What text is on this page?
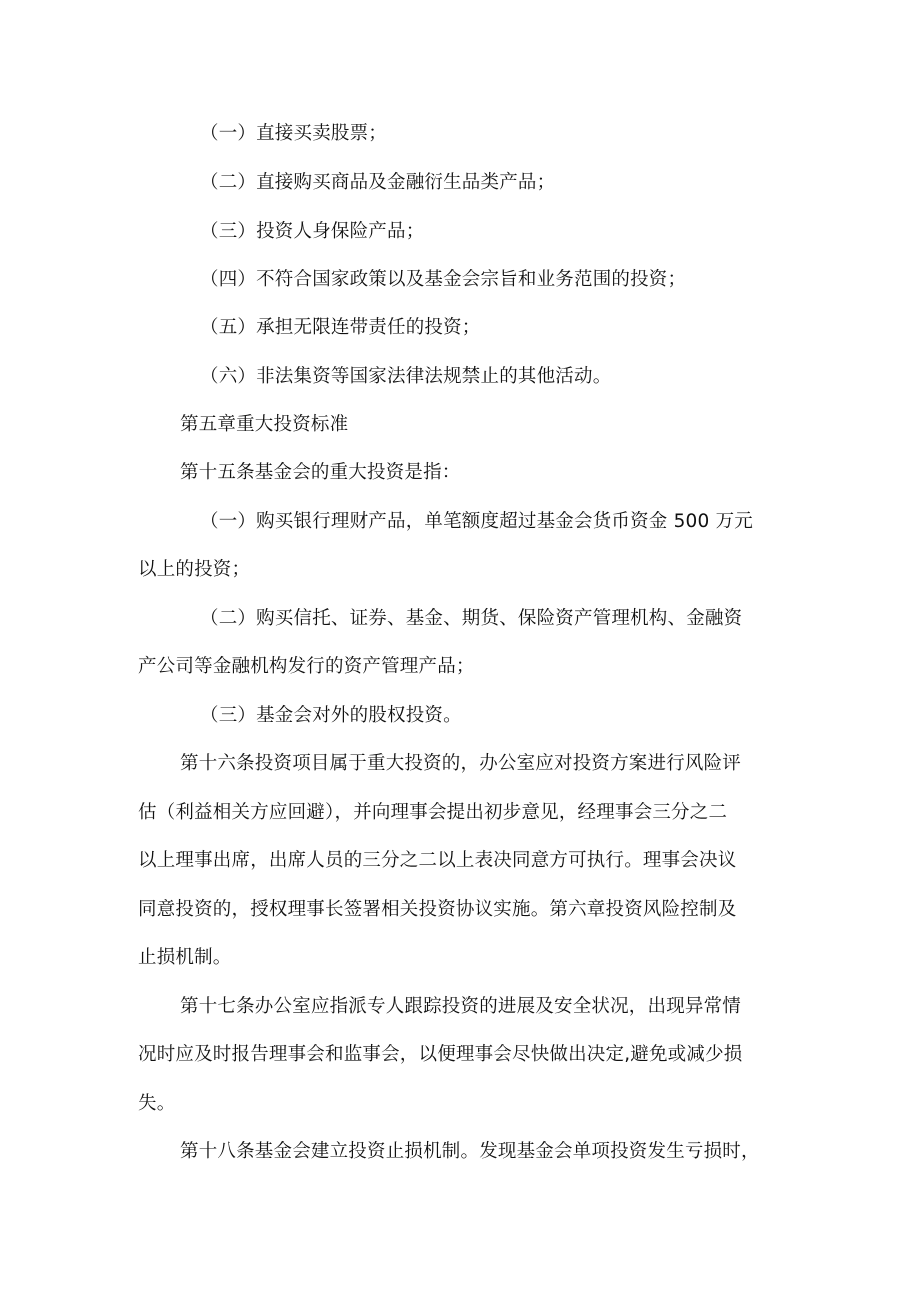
（一）直接买卖股票；
（二）直接购买商品及金融衍生品类产品；
（三）投资人身保险产品；
（四）不符合国家政策以及基金会宗旨和业务范围的投资；
（五）承担无限连带责任的投资；
（六）非法集资等国家法律法规禁止的其他活动。
第五章重大投资标准
第十五条基金会的重大投资是指：
（一）购买银行理财产品，单笔额度超过基金会货币资金 500 万元
以上的投资；
（二）购买信托、证券、基金、期货、保险资产管理机构、金融资
产公司等金融机构发行的资产管理产品；
（三）基金会对外的股权投资。
第十六条投资项目属于重大投资的，办公室应对投资方案进行风险评
估（利益相关方应回避），并向理事会提出初步意见，经理事会三分之二
以上理事出席，出席人员的三分之二以上表决同意方可执行。理事会决议
同意投资的，授权理事长签署相关投资协议实施。第六章投资风险控制及
止损机制。
第十七条办公室应指派专人跟踪投资的进展及安全状况，出现异常情
况时应及时报告理事会和监事会，以便理事会尽快做出决定,避免或减少损
失。
第十八条基金会建立投资止损机制。发现基金会单项投资发生亏损时，
